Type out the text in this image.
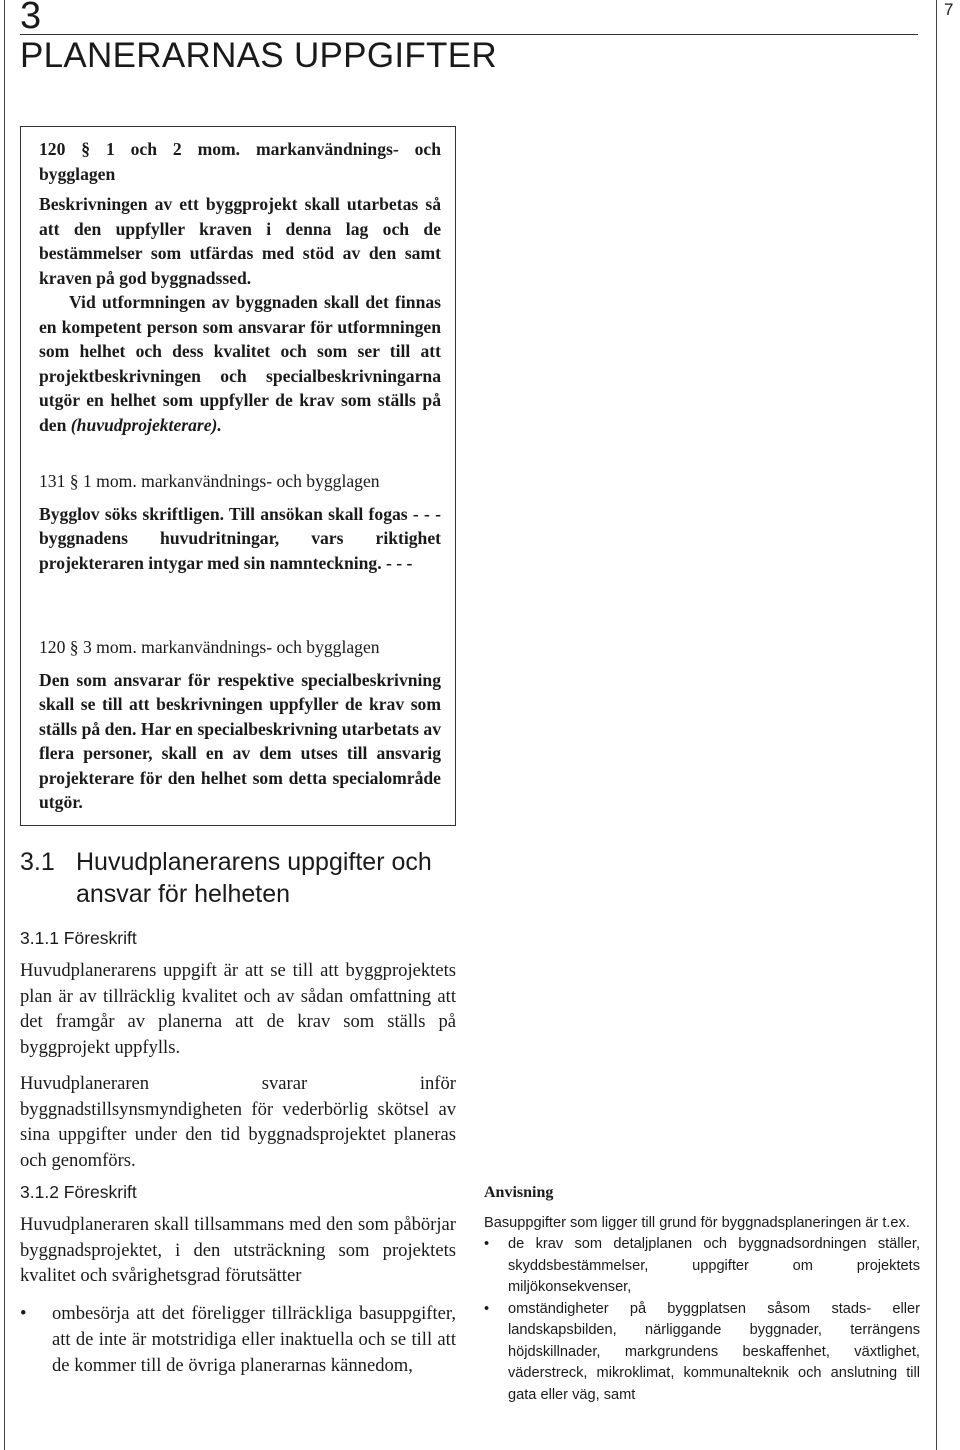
3	7
PLANERARNAS UPPGIFTER

120 § 1 och 2 mom. markanvändnings- och bygglagen

Beskrivningen av ett byggprojekt skall utarbetas så att den uppfyller kraven i denna lag och de bestämmelser som utfärdas med stöd av den samt kraven på god byggnadssed.

Vid utformningen av byggnaden skall det finnas en kompetent person som ansvarar för utformningen som helhet och dess kvalitet och som ser till att projektbeskrivningen och specialbeskrivningarna utgör en helhet som uppfyller de krav som ställs på den (huvudprojekterare).

131 § 1 mom. markanvändnings- och bygglagen

Bygglov söks skriftligen. Till ansökan skall fogas - - - byggnadens huvudritningar, vars riktighet projekteraren intygar med sin namnteckning. - - -

120 § 3 mom. markanvändnings- och bygglagen

Den som ansvarar för respektive specialbeskrivning skall se till att beskrivningen uppfyller de krav som ställs på den. Har en specialbeskrivning utarbetats av flera personer, skall en av dem utses till ansvarig projekterare för den helhet som detta specialområde utgör.

3.1 Huvudplanerarens uppgifter och
ansvar för helheten
3.1.1 Föreskrift

Huvudplanerarens uppgift är att se till att byggprojektets plan är av tillräcklig kvalitet och av sådan omfattning att det framgår av planerna att de krav som ställs på byggprojekt uppfylls.

Huvudplaneraren svarar inför byggnadstillsynsmyndigheten för vederbörlig skötsel av sina uppgifter under den tid byggnadsprojektet planeras och genomförs.

3.1.2 Föreskrift

Huvudplaneraren skall tillsammans med den som påbörjar byggnadsprojektet, i den utsträckning som projektets kvalitet och svårighetsgrad förutsätter

• ombesörja att det föreligger tillräckliga basuppgifter, att de inte är motstridiga eller inaktuella och se till att de kommer till de övriga planerarnas kännedom,
Anvisning

Basuppgifter som ligger till grund för byggnadsplaneringen är t.ex.

• de krav som detaljplanen och byggnadsordningen ställer, skyddsbestämmelser, uppgifter om projektets miljökonsekvenser,
• omständigheter på byggplatsen såsom stads- eller landskapsbilden, närliggande byggnader, terrängens höjdskillnader, markgrundens beskaffenhet, växtlighet, väderstreck, mikroklimat, kommunalteknik och anslutning till gata eller väg, samt
